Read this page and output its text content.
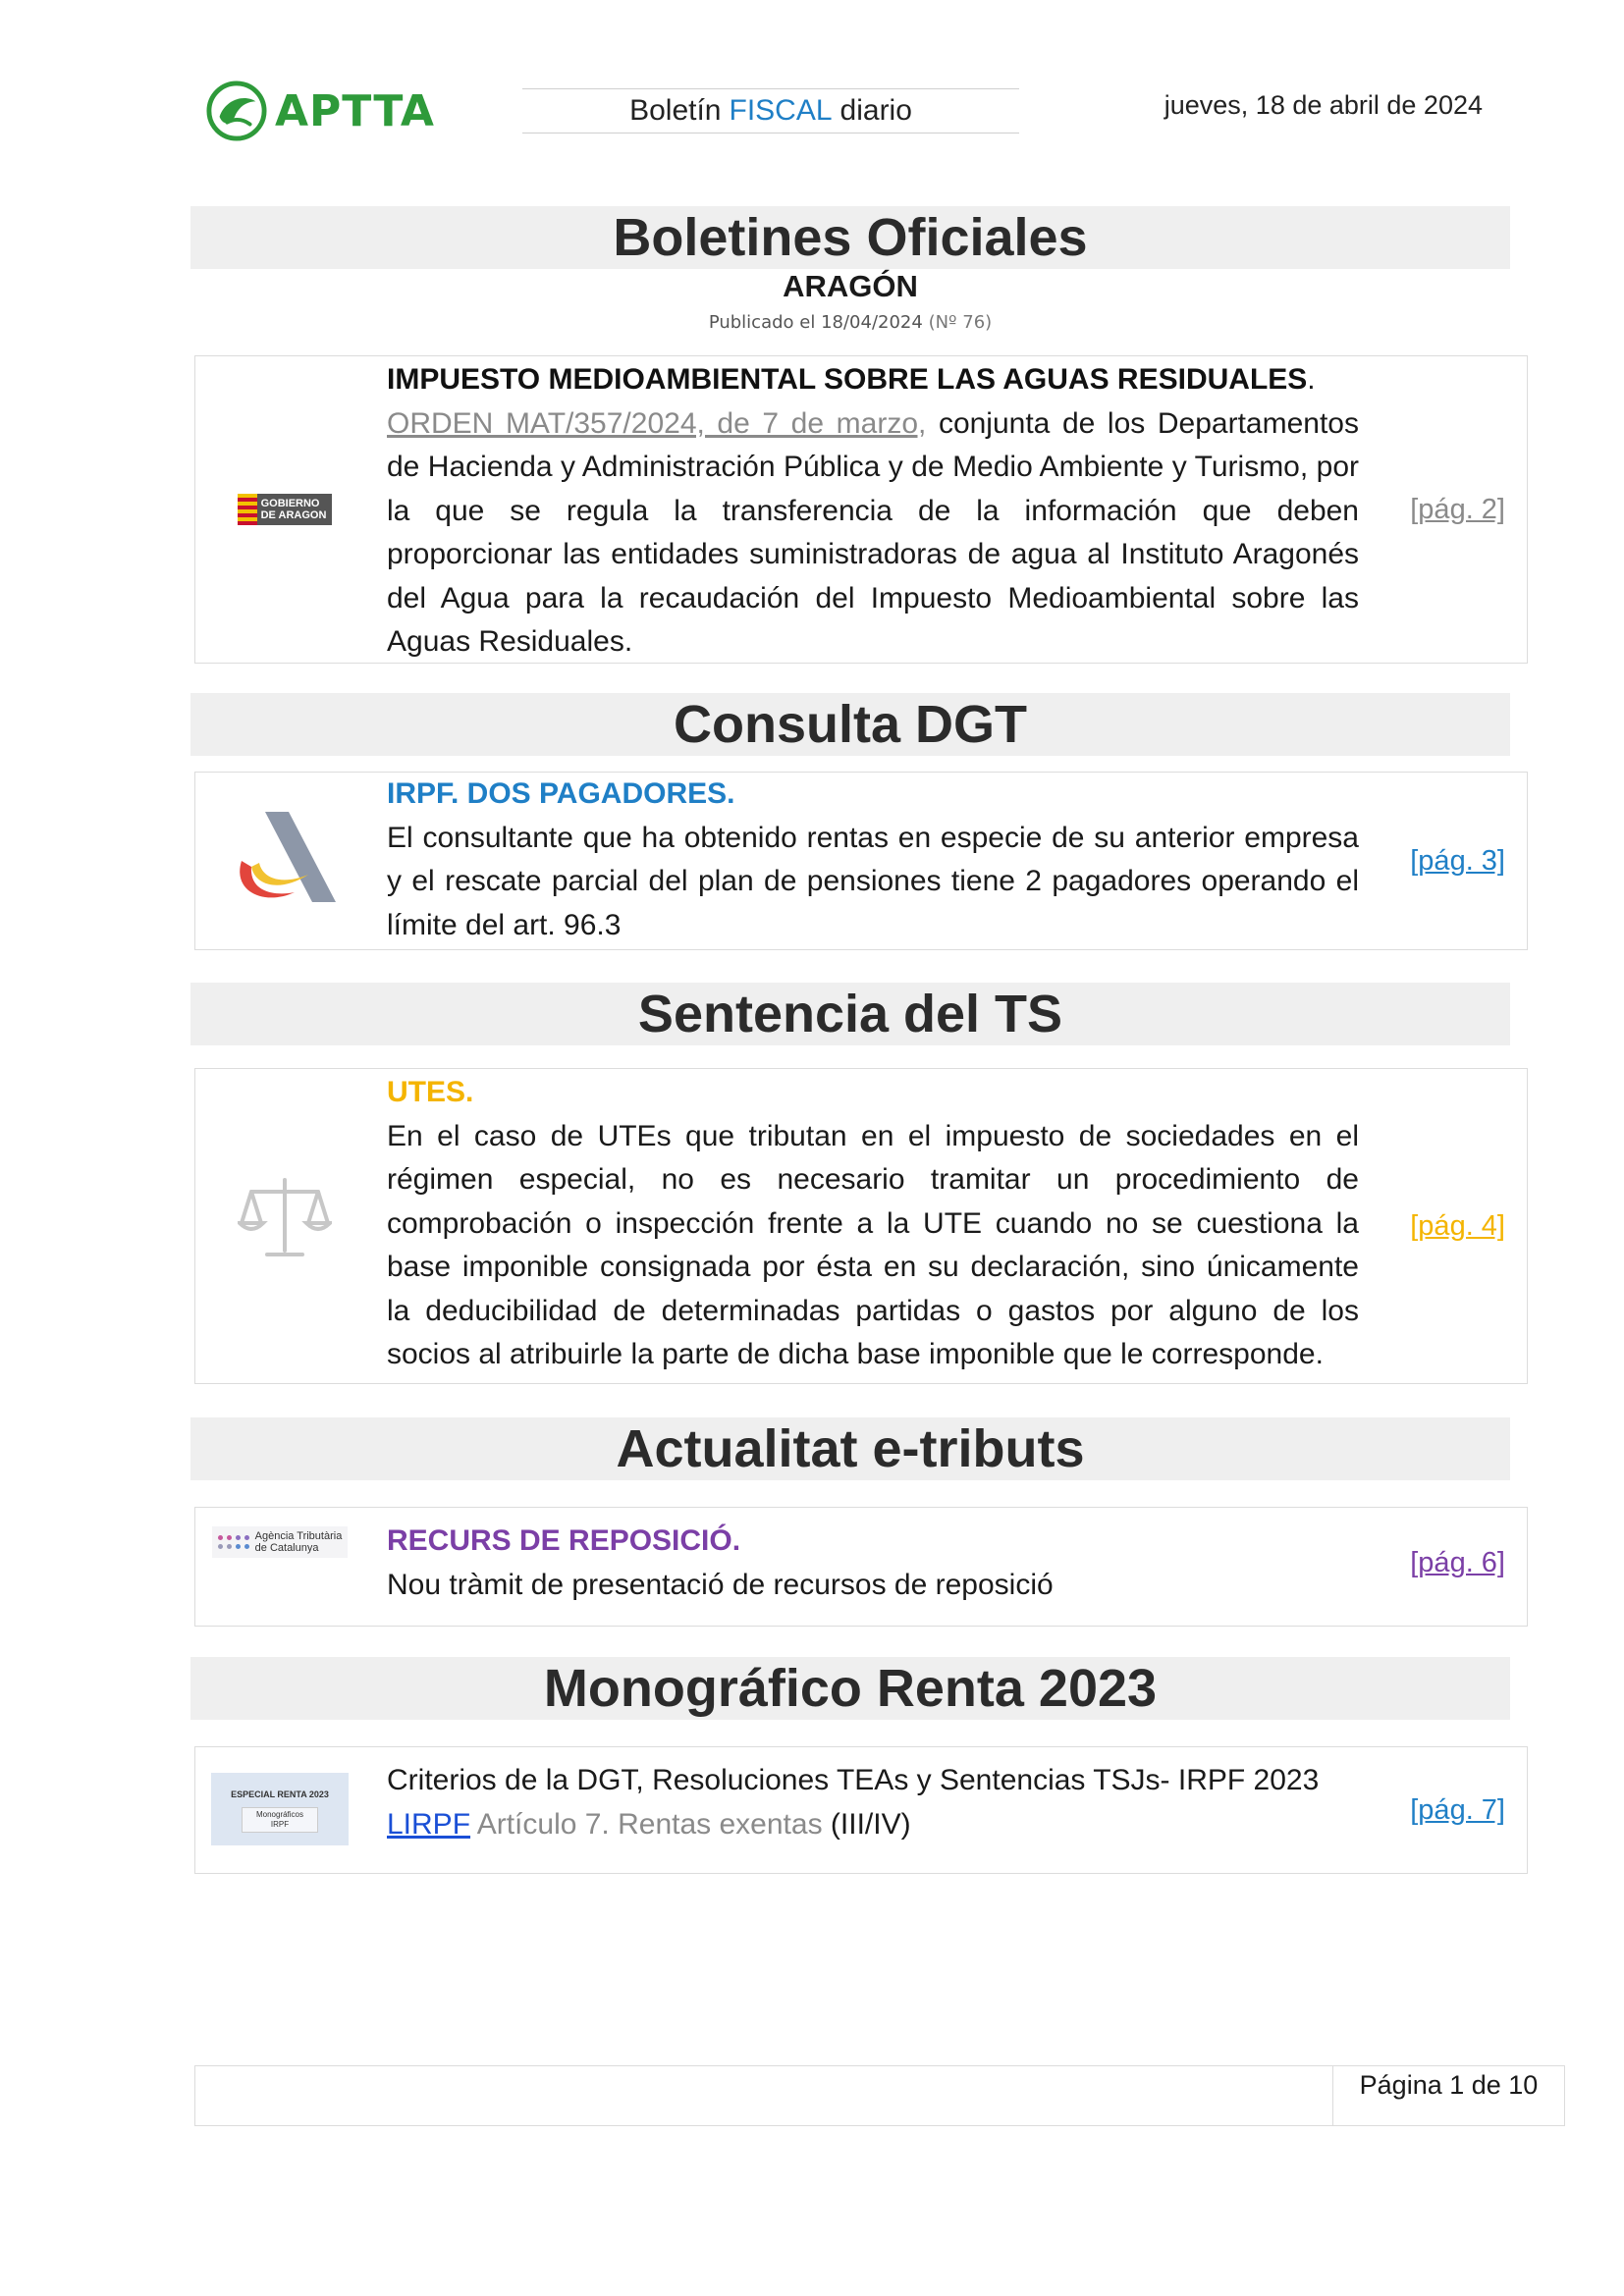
APTTA	Boletín FISCAL diario	jueves, 18 de abril de 2024
Boletines Oficiales
ARAGÓN
Publicado el 18/04/2024 (Nº 76)
GOBIERNO
DE ARAGON
IMPUESTO MEDIOAMBIENTAL SOBRE LAS AGUAS RESIDUALES.
ORDEN MAT/357/2024, de 7 de marzo, conjunta de los Departamentos de Hacienda y Administración Pública y de Medio Ambiente y Turismo, por la que se regula la transferencia de la información que deben proporcionar las entidades suministradoras de agua al Instituto Aragonés del Agua para la recaudación del Impuesto Medioambiental sobre las Aguas Residuales.
[pág. 2]
Consulta DGT
IRPF. DOS PAGADORES.
El consultante que ha obtenido rentas en especie de su anterior empresa y el rescate parcial del plan de pensiones tiene 2 pagadores operando el límite del art. 96.3
[pág. 3]
Sentencia del TS
UTES.
En el caso de UTEs que tributan en el impuesto de sociedades en el régimen especial, no es necesario tramitar un procedimiento de comprobación o inspección frente a la UTE cuando no se cuestiona la base imponible consignada por ésta en su declaración, sino únicamente la deducibilidad de determinadas partidas o gastos por alguno de los socios al atribuirle la parte de dicha base imponible que le corresponde.
[pág. 4]
Actualitat e-tributs
Agència Tributària
de Catalunya	RECURS DE REPOSICIÓ.
Nou tràmit de presentació de recursos de reposició
[pág. 6]
Monográfico Renta 2023
ESPECIAL RENTA 2023
Monográficos
IRPF
Criterios de la DGT, Resoluciones TEAs y Sentencias TSJs- IRPF 2023
LIRPF Artículo 7. Rentas exentas (III/IV)	[pág. 7]
Página 1 de 10
